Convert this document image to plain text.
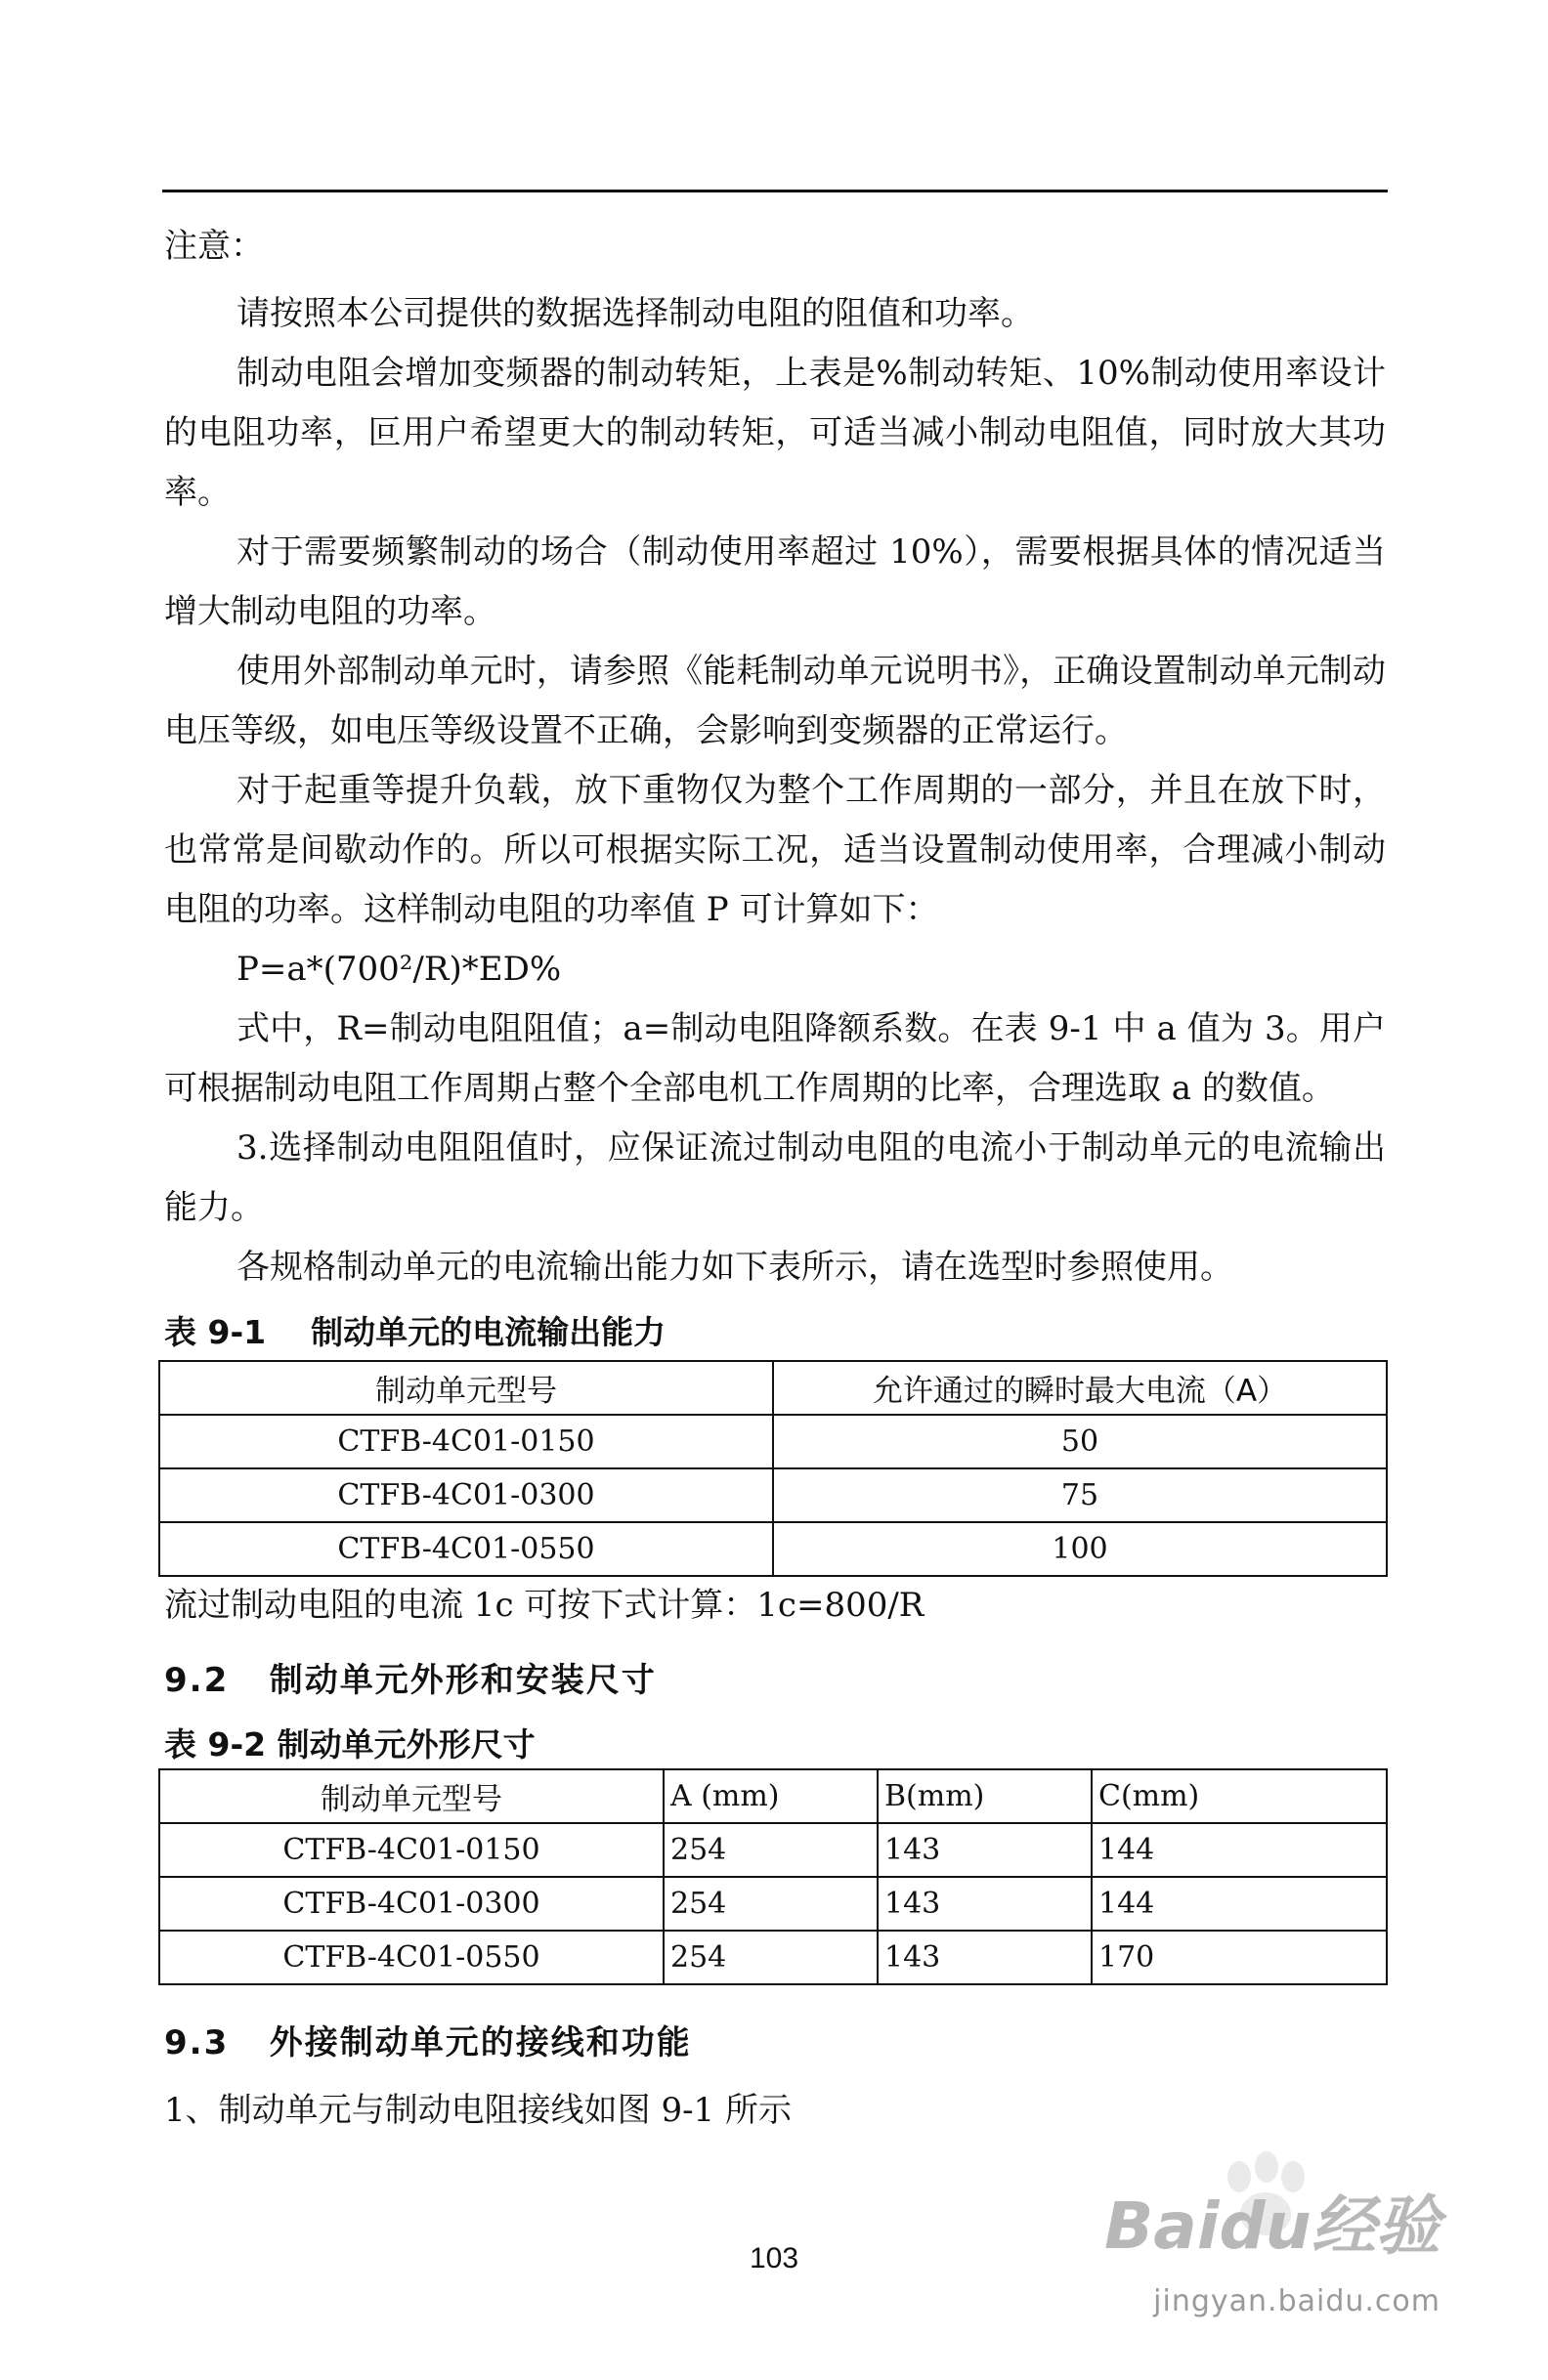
注意：

请按照本公司提供的数据选择制动电阻的阻值和功率。

制动电阻会增加变频器的制动转矩，上表是%制动转矩、10%制动使用率设计的电阻功率，叵用户希望更大的制动转矩，可适当减小制动电阻值，同时放大其功率。

对于需要频繁制动的场合（制动使用率超过 10%），需要根据具体的情况适当增大制动电阻的功率。

使用外部制动单元时，请参照《能耗制动单元说明书》，正确设置制动单元制动电压等级，如电压等级设置不正确，会影响到变频器的正常运行。

对于起重等提升负载，放下重物仅为整个工作周期的一部分，并且在放下时，也常常是间歇动作的。所以可根据实际工况，适当设置制动使用率，合理减小制动电阻的功率。这样制动电阻的功率值 P 可计算如下：

P=a*(700²/R)*ED%

式中，R=制动电阻阻值；a=制动电阻降额系数。在表 9-1 中 a 值为 3。用户可根据制动电阻工作周期占整个全部电机工作周期的比率，合理选取 a 的数值。

3.选择制动电阻阻值时，应保证流过制动电阻的电流小于制动单元的电流输出能力。

各规格制动单元的电流输出能力如下表所示，请在选型时参照使用。

表 9-1    制动单元的电流输出能力
制动单元型号	允许通过的瞬时最大电流（A）
CTFB-4C01-0150	50
CTFB-4C01-0300	75
CTFB-4C01-0550	100

流过制动电阻的电流 1c 可按下式计算：1c=800/R

9.2   制动单元外形和安装尺寸
表 9-2 制动单元外形尺寸
制动单元型号	A (mm)	B(mm)	C(mm)
CTFB-4C01-0150	254	143	144
CTFB-4C01-0300	254	143	144
CTFB-4C01-0550	254	143	170
9.3   外接制动单元的接线和功能

1、制动单元与制动电阻接线如图 9-1 所示

Baidu经验
jingyan.baidu.com
103
